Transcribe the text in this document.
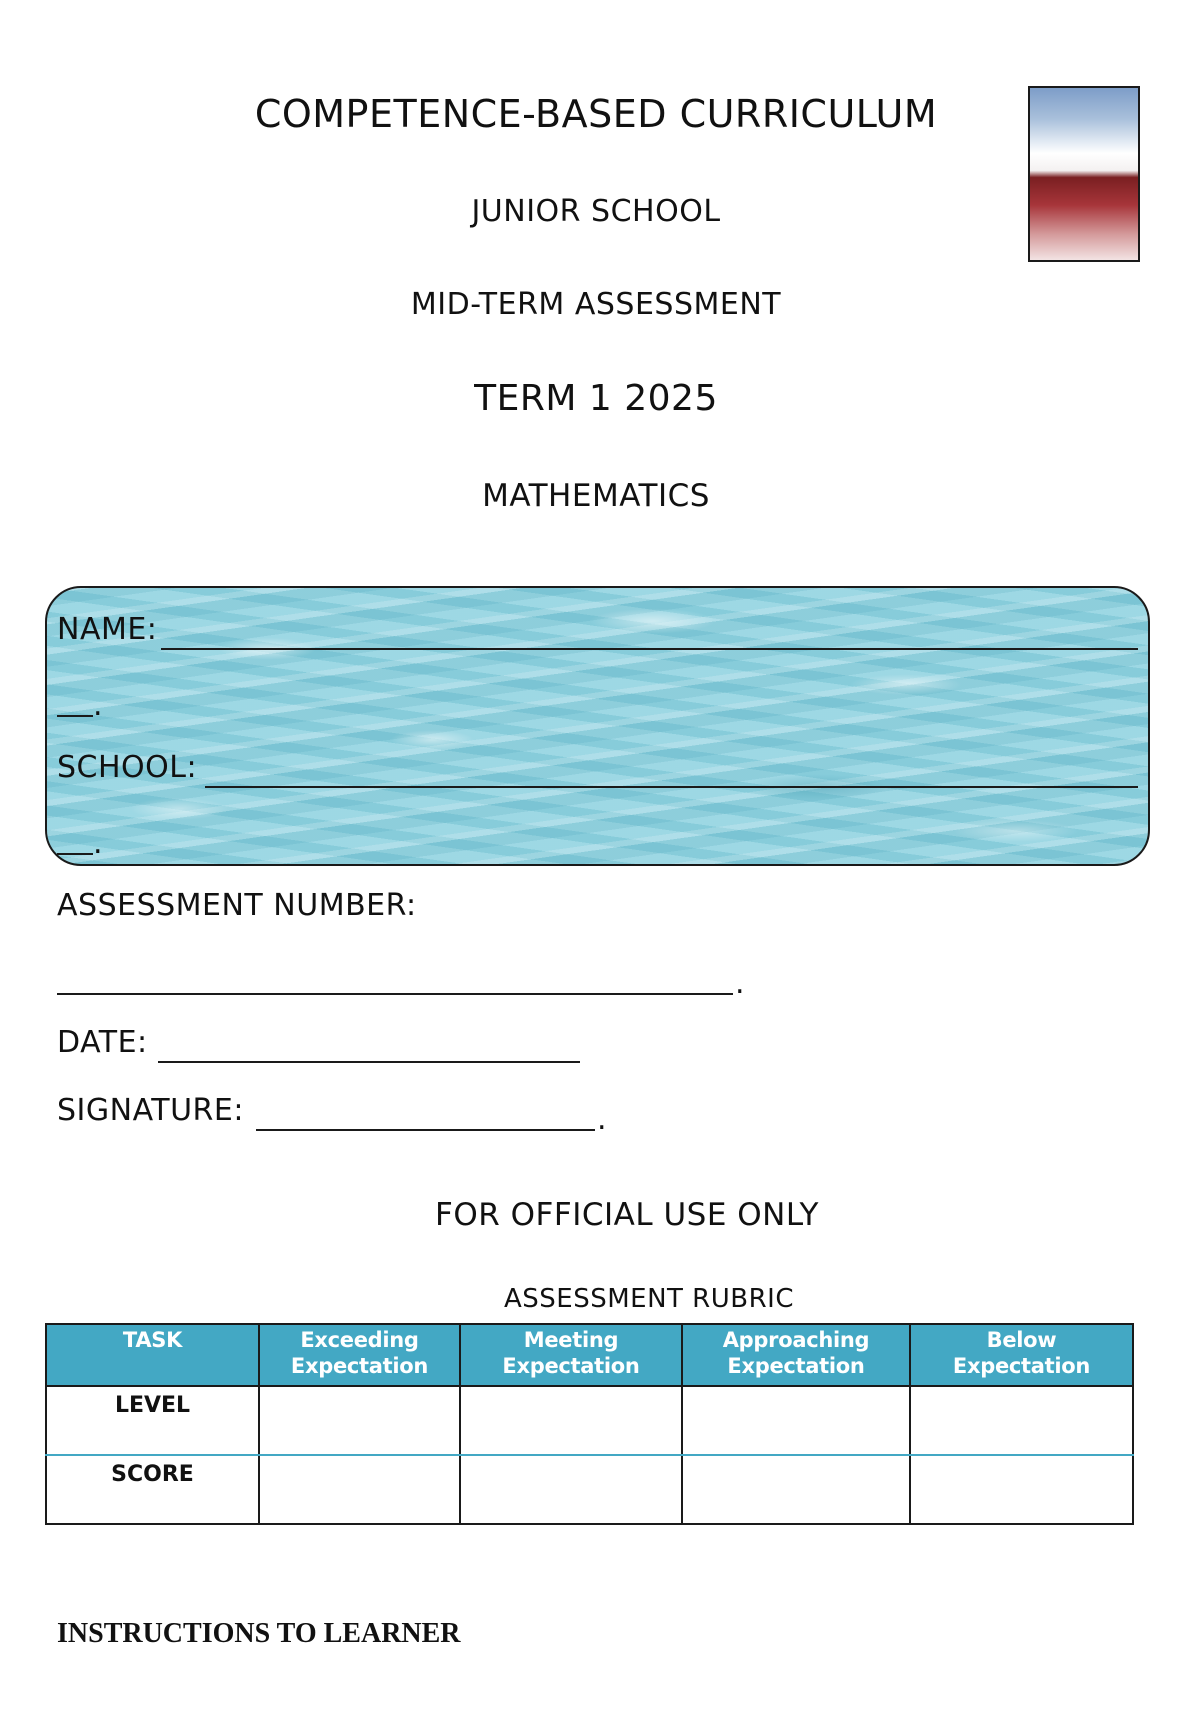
COMPETENCE-BASED CURRICULUM
JUNIOR SCHOOL
MID-TERM ASSESSMENT
TERM 1 2025
MATHEMATICS
NAME:
.
SCHOOL:
.
ASSESSMENT NUMBER:
.
DATE:
SIGNATURE:	.
FOR OFFICIAL USE ONLY
ASSESSMENT RUBRIC
TASK	Exceeding Expectation	Meeting Expectation	Approaching Expectation	Below Expectation
LEVEL				
SCORE				
INSTRUCTIONS TO LEARNER
